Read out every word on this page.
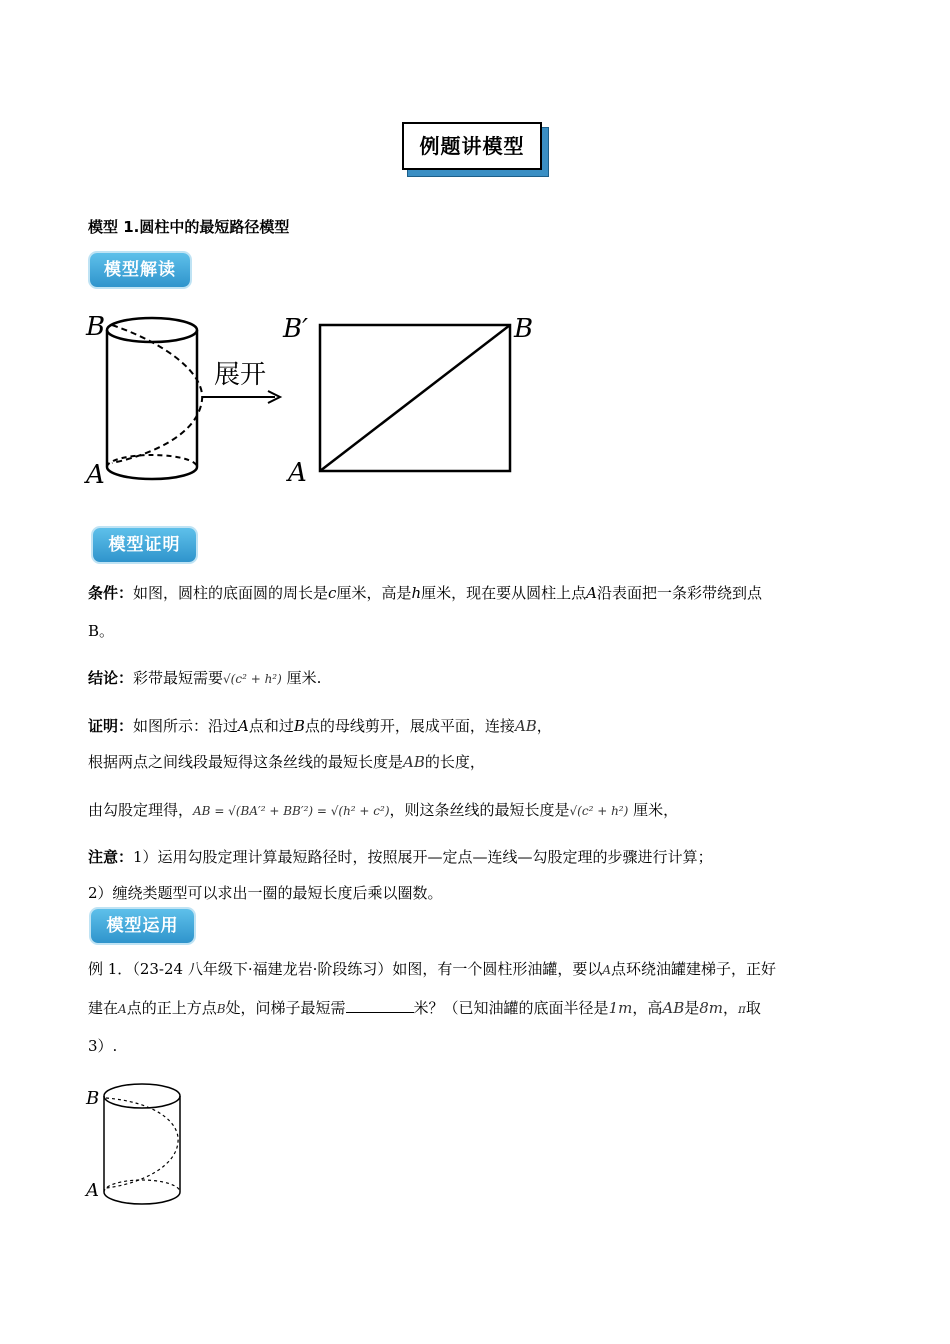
例题讲模型
模型 1.圆柱中的最短路径模型
模型解读
B
A
展开
B′	B
A
模型证明
条件：如图，圆柱的底面圆的周长是c厘米，高是h厘米，现在要从圆柱上点A沿表面把一条彩带绕到点
B。
结论：彩带最短需要√(c² + h²) 厘米.
证明：如图所示：沿过A点和过B点的母线剪开，展成平面，连接AB，
根据两点之间线段最短得这条丝线的最短长度是AB的长度，
由勾股定理得，AB = √(BA′² + BB′²) = √(h² + c²)，则这条丝线的最短长度是√(c² + h²) 厘米，
注意：1）运用勾股定理计算最短路径时，按照展开—定点—连线—勾股定理的步骤进行计算；
2）缠绕类题型可以求出一圈的最短长度后乘以圈数。
模型运用
例 1．（23-24 八年级下·福建龙岩·阶段练习）如图，有一个圆柱形油罐，要以A点环绕油罐建梯子，正好
建在A点的正上方点B处，问梯子最短需	米？（已知油罐的底面半径是1m，高AB是8m，π取
3）.
B
A
